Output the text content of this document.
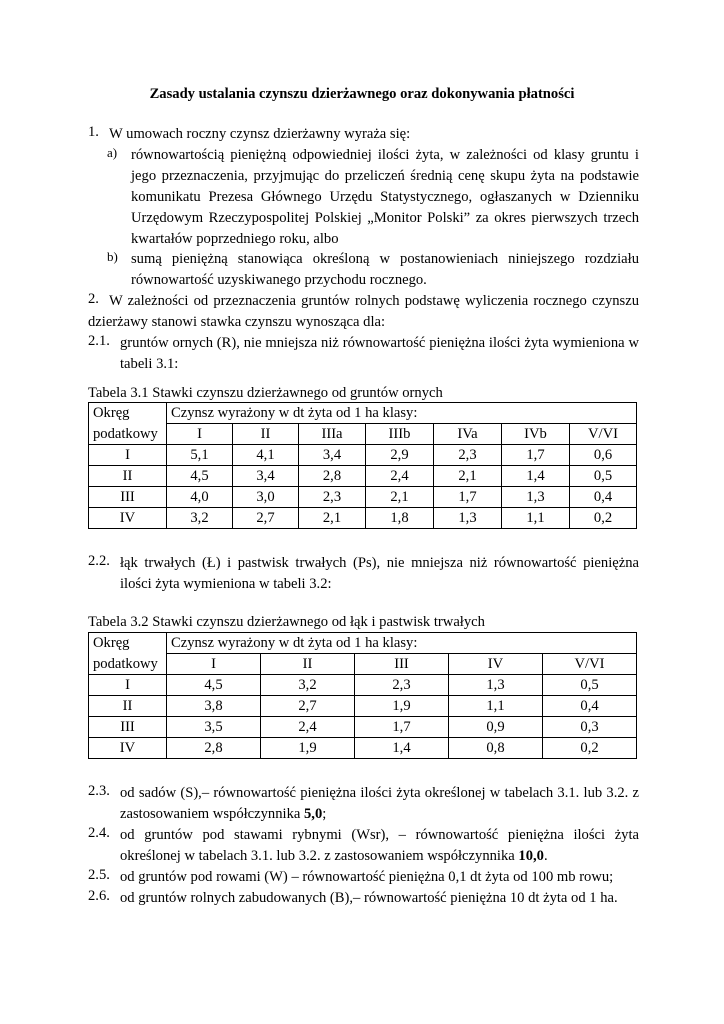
Zasady ustalania czynszu dzierżawnego oraz dokonywania płatności
1. W umowach roczny czynsz dzierżawny wyraża się:
a) równowartością pieniężną odpowiedniej ilości żyta, w zależności od klasy gruntu i jego przeznaczenia, przyjmując do przeliczeń średnią cenę skupu żyta na podstawie komunikatu Prezesa Głównego Urzędu Statystycznego, ogłaszanych w Dzienniku Urzędowym Rzeczypospolitej Polskiej „Monitor Polski” za okres pierwszych trzech kwartałów poprzedniego roku, albo
b) sumą pieniężną stanowiąca określoną w postanowieniach niniejszego rozdziału równowartość uzyskiwanego przychodu rocznego.
2. W zależności od przeznaczenia gruntów rolnych podstawę wyliczenia rocznego czynszu dzierżawy stanowi stawka czynszu wynosząca dla:
2.1. gruntów ornych (R), nie mniejsza niż równowartość pieniężna ilości żyta wymieniona w tabeli 3.1:
Tabela 3.1 Stawki czynszu dzierżawnego od gruntów ornych
Okręg	Czynsz wyrażony w dt żyta od 1 ha klasy:						
podatkowy	I	II	IIIa	IIIb	IVa	IVb	V/VI
I	5,1	4,1	3,4	2,9	2,3	1,7	0,6
II	4,5	3,4	2,8	2,4	2,1	1,4	0,5
III	4,0	3,0	2,3	2,1	1,7	1,3	0,4
IV	3,2	2,7	2,1	1,8	1,3	1,1	0,2
2.2. łąk trwałych (Ł) i pastwisk trwałych (Ps), nie mniejsza niż równowartość pieniężna ilości żyta wymieniona w tabeli 3.2:
Tabela 3.2 Stawki czynszu dzierżawnego od łąk i pastwisk trwałych
Okręg	Czynsz wyrażony w dt żyta od 1 ha klasy:				
podatkowy	I	II	III	IV	V/VI
I	4,5	3,2	2,3	1,3	0,5
II	3,8	2,7	1,9	1,1	0,4
III	3,5	2,4	1,7	0,9	0,3
IV	2,8	1,9	1,4	0,8	0,2
2.3. od sadów (S),– równowartość pieniężna ilości żyta określonej w tabelach 3.1. lub 3.2. z zastosowaniem współczynnika 5,0;
2.4. od gruntów pod stawami rybnymi (Wsr), – równowartość pieniężna ilości żyta określonej w tabelach 3.1. lub 3.2. z zastosowaniem współczynnika 10,0.
2.5. od gruntów pod rowami (W) – równowartość pieniężna 0,1 dt żyta od 100 mb rowu;
2.6. od gruntów rolnych zabudowanych (B),– równowartość pieniężna 10 dt żyta od 1 ha.
